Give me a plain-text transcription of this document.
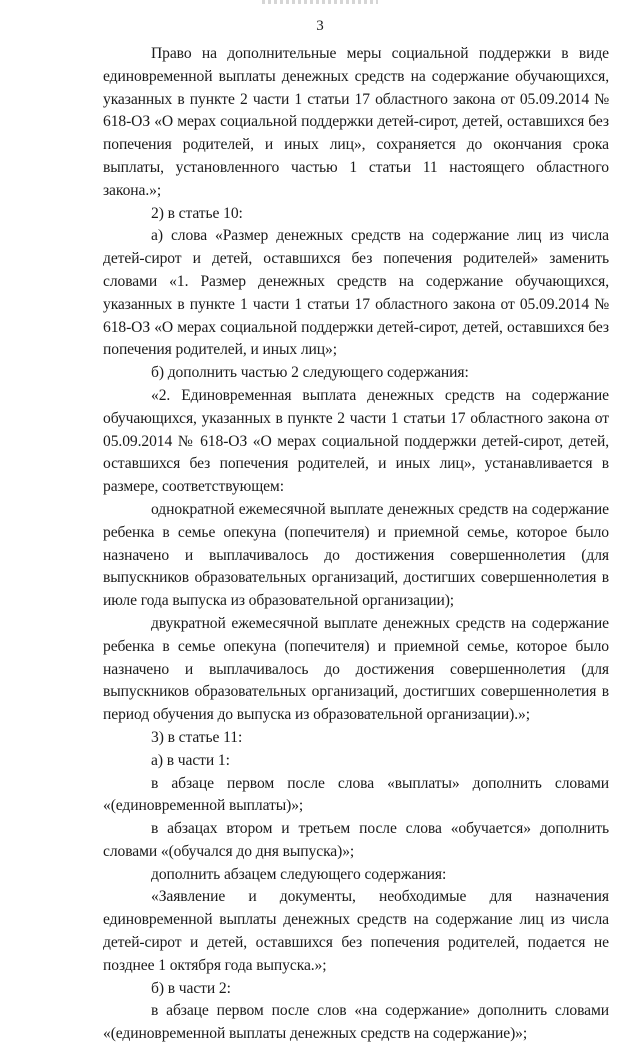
3

Право на дополнительные меры социальной поддержки в виде единовременной выплаты денежных средств на содержание обучающихся, указанных в пункте 2 части 1 статьи 17 областного закона от 05.09.2014 № 618-ОЗ «О мерах социальной поддержки детей-сирот, детей, оставшихся без попечения родителей, и иных лиц», сохраняется до окончания срока выплаты, установленного частью 1 статьи 11 настоящего областного закона.»;

2) в статье 10:

а) слова «Размер денежных средств на содержание лиц из числа детей-сирот и детей, оставшихся без попечения родителей» заменить словами «1. Размер денежных средств на содержание обучающихся, указанных в пункте 1 части 1 статьи 17 областного закона от 05.09.2014 № 618-ОЗ «О мерах социальной поддержки детей-сирот, детей, оставшихся без попечения родителей, и иных лиц»;

б) дополнить частью 2 следующего содержания:

«2. Единовременная выплата денежных средств на содержание обучающихся, указанных в пункте 2 части 1 статьи 17 областного закона от 05.09.2014 № 618-ОЗ «О мерах социальной поддержки детей-сирот, детей, оставшихся без попечения родителей, и иных лиц», устанавливается в размере, соответствующем:

однократной ежемесячной выплате денежных средств на содержание ребенка в семье опекуна (попечителя) и приемной семье, которое было назначено и выплачивалось до достижения совершеннолетия (для выпускников образовательных организаций, достигших совершеннолетия в июле года выпуска из образовательной организации);

двукратной ежемесячной выплате денежных средств на содержание ребенка в семье опекуна (попечителя) и приемной семье, которое было назначено и выплачивалось до достижения совершеннолетия (для выпускников образовательных организаций, достигших совершеннолетия в период обучения до выпуска из образовательной организации).»;

3) в статье 11:

а) в части 1:

в абзаце первом после слова «выплаты» дополнить словами «(единовременной выплаты)»;

в абзацах втором и третьем после слова «обучается» дополнить словами «(обучался до дня выпуска)»;

дополнить абзацем следующего содержания:

«Заявление и документы, необходимые для назначения единовременной выплаты денежных средств на содержание лиц из числа детей-сирот и детей, оставшихся без попечения родителей, подается не позднее 1 октября года выпуска.»;

б) в части 2:

в абзаце первом после слов «на содержание» дополнить словами «(единовременной выплаты денежных средств на содержание)»;
